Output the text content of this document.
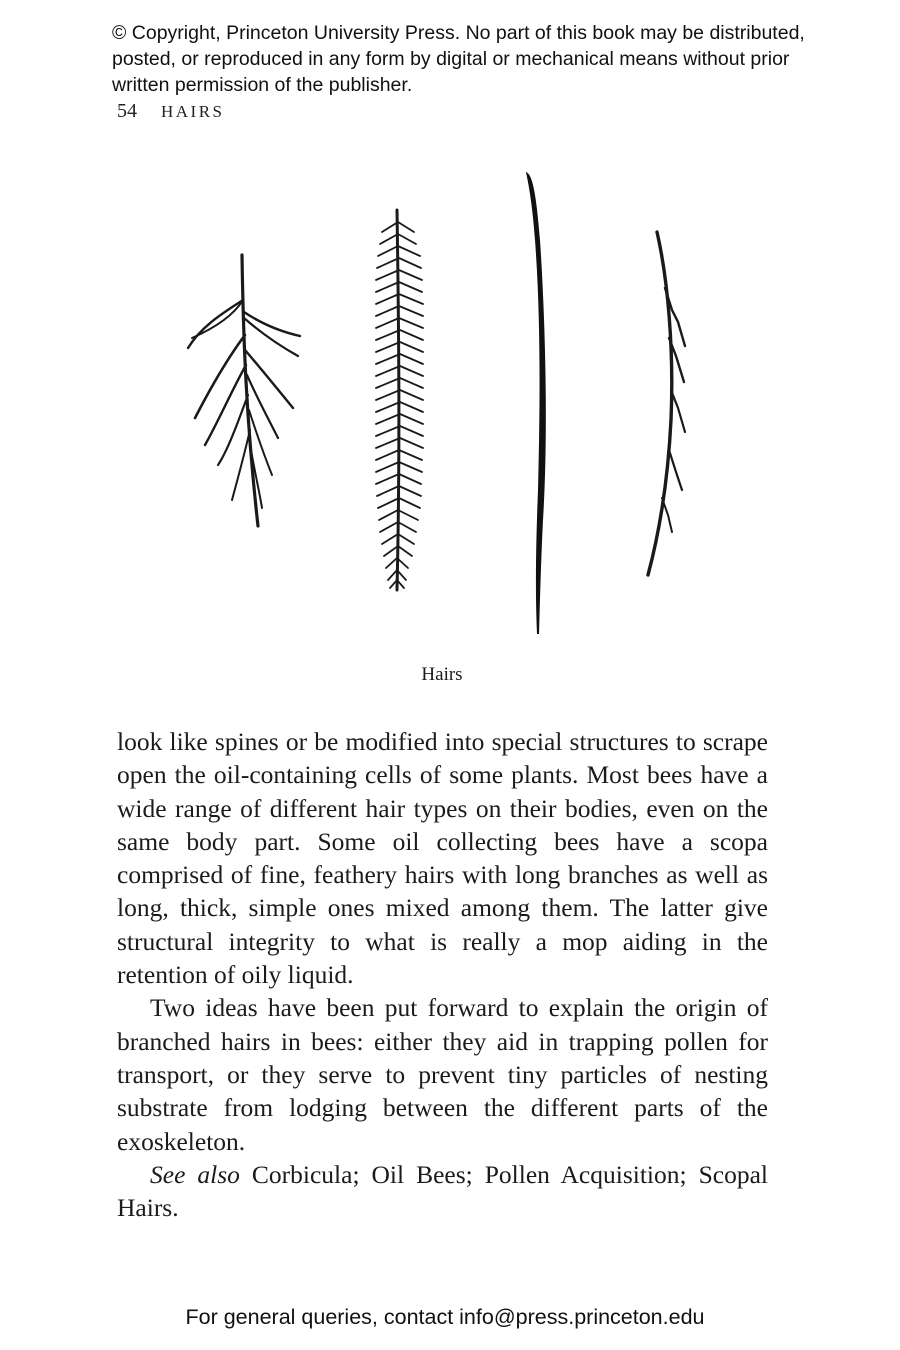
© Copyright, Princeton University Press. No part of this book may be distributed, posted, or reproduced in any form by digital or mechanical means without prior written permission of the publisher.
54 HAIRS
Hairs

look like spines or be modified into special structures to scrape open the oil-containing cells of some plants. Most bees have a wide range of different hair types on their bodies, even on the same body part. Some oil collecting bees have a scopa comprised of fine, feathery hairs with long branches as well as long, thick, simple ones mixed among them. The latter give structural integrity to what is really a mop aiding in the retention of oily liquid.

Two ideas have been put forward to explain the origin of branched hairs in bees: either they aid in trapping pollen for transport, or they serve to prevent tiny particles of nesting substrate from lodging between the different parts of the exoskeleton.

See also Corbicula; Oil Bees; Pollen Acquisition; Scopal Hairs.

For general queries, contact info@press.princeton.edu
